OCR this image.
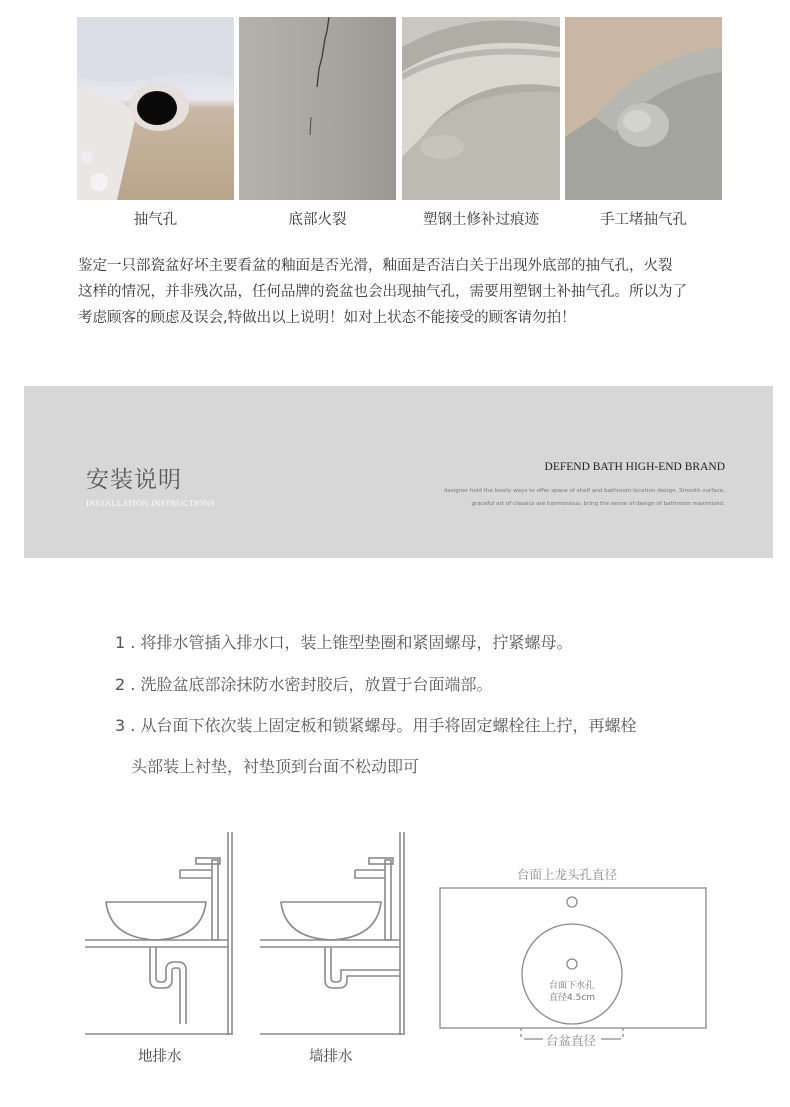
抽气孔	底部火裂	塑钢土修补过痕迹	手工堵抽气孔
鉴定一只部瓷盆好坏主要看盆的釉面是否光滑，釉面是否洁白关于出现外底部的抽气孔，火裂
这样的情况，并非残次品，任何品牌的瓷盆也会出现抽气孔，需要用塑钢土补抽气孔。所以为了
考虑顾客的顾虑及误会,特做出以上说明！如对上状态不能接受的顾客请勿拍！
安装说明
INSTALLATION INSTRUCTIONS
DEFEND BATH HIGH-END BRAND
designer hold the lovely ways to offer space of shelf and bathroom location design. Smooth surface,
graceful art of classics are harmonious, bring the sense of design of bathroom maximized.
1 . 将排水管插入排水口，装上锥型垫圈和紧固螺母，拧紧螺母。
2 . 洗脸盆底部涂抹防水密封胶后，放置于台面端部。
3 . 从台面下依次装上固定板和锁紧螺母。用手将固定螺栓往上拧，再螺栓
头部装上衬垫，衬垫顶到台面不松动即可
地排水	墙排水
台面上龙头孔直径
台面下水孔
直径4.5cm
台盆直径
